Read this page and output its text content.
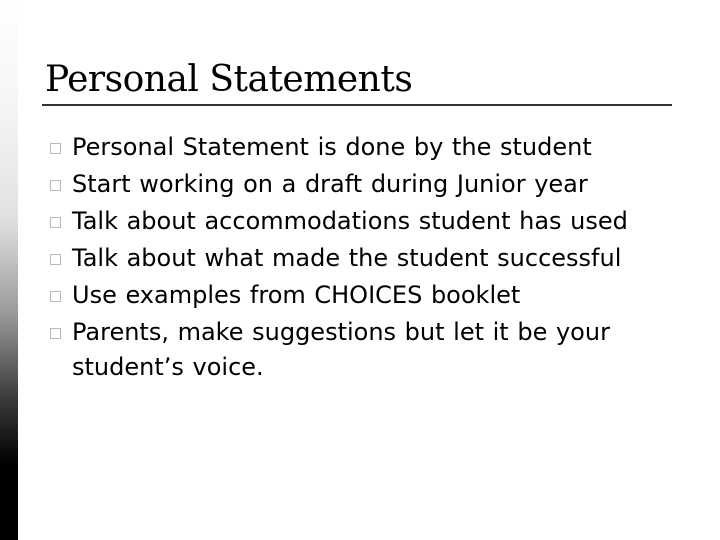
Personal Statements
Personal Statement is done by the student
Start working on a draft during Junior year
Talk about accommodations student has used
Talk about what made the student successful
Use examples from CHOICES booklet
Parents, make suggestions but let it be your student’s voice.
